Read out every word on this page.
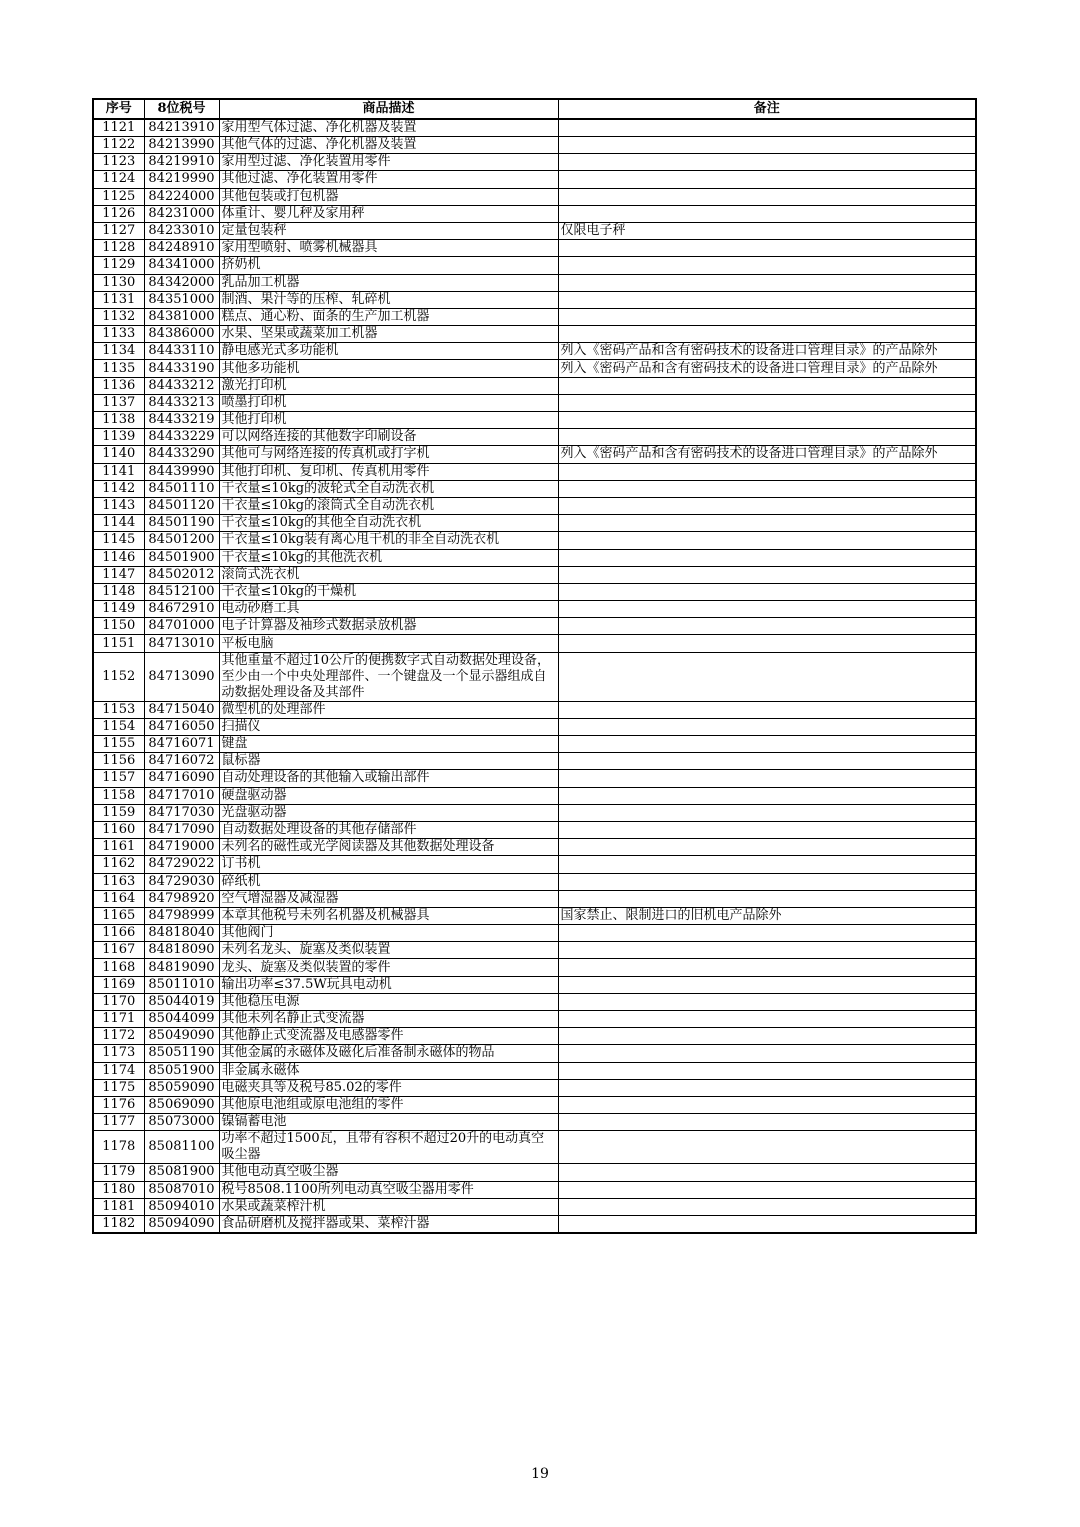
序号	8位税号	商品描述	备注
1121	84213910	家用型气体过滤、净化机器及装置	
1122	84213990	其他气体的过滤、净化机器及装置	
1123	84219910	家用型过滤、净化装置用零件	
1124	84219990	其他过滤、净化装置用零件	
1125	84224000	其他包装或打包机器	
1126	84231000	体重计、婴儿秤及家用秤	
1127	84233010	定量包装秤	仅限电子秤
1128	84248910	家用型喷射、喷雾机械器具	
1129	84341000	挤奶机	
1130	84342000	乳品加工机器	
1131	84351000	制酒、果汁等的压榨、轧碎机	
1132	84381000	糕点、通心粉、面条的生产加工机器	
1133	84386000	水果、坚果或蔬菜加工机器	
1134	84433110	静电感光式多功能机	列入《密码产品和含有密码技术的设备进口管理目录》的产品除外
1135	84433190	其他多功能机	列入《密码产品和含有密码技术的设备进口管理目录》的产品除外
1136	84433212	激光打印机	
1137	84433213	喷墨打印机	
1138	84433219	其他打印机	
1139	84433229	可以网络连接的其他数字印刷设备	
1140	84433290	其他可与网络连接的传真机或打字机	列入《密码产品和含有密码技术的设备进口管理目录》的产品除外
1141	84439990	其他打印机、复印机、传真机用零件	
1142	84501110	干衣量≤10kg的波轮式全自动洗衣机	
1143	84501120	干衣量≤10kg的滚筒式全自动洗衣机	
1144	84501190	干衣量≤10kg的其他全自动洗衣机	
1145	84501200	干衣量≤10kg装有离心甩干机的非全自动洗衣机	
1146	84501900	干衣量≤10kg的其他洗衣机	
1147	84502012	滚筒式洗衣机	
1148	84512100	干衣量≤10kg的干燥机	
1149	84672910	电动砂磨工具	
1150	84701000	电子计算器及袖珍式数据录放机器	
1151	84713010	平板电脑	
1152	84713090	其他重量不超过10公斤的便携数字式自动数据处理设备，至少由一个中央处理部件、一个键盘及一个显示器组成自动数据处理设备及其部件	
1153	84715040	微型机的处理部件	
1154	84716050	扫描仪	
1155	84716071	键盘	
1156	84716072	鼠标器	
1157	84716090	自动处理设备的其他输入或输出部件	
1158	84717010	硬盘驱动器	
1159	84717030	光盘驱动器	
1160	84717090	自动数据处理设备的其他存储部件	
1161	84719000	未列名的磁性或光学阅读器及其他数据处理设备	
1162	84729022	订书机	
1163	84729030	碎纸机	
1164	84798920	空气增湿器及减湿器	
1165	84798999	本章其他税号未列名机器及机械器具	国家禁止、限制进口的旧机电产品除外
1166	84818040	其他阀门	
1167	84818090	未列名龙头、旋塞及类似装置	
1168	84819090	龙头、旋塞及类似装置的零件	
1169	85011010	输出功率≤37.5W玩具电动机	
1170	85044019	其他稳压电源	
1171	85044099	其他未列名静止式变流器	
1172	85049090	其他静止式变流器及电感器零件	
1173	85051190	其他金属的永磁体及磁化后准备制永磁体的物品	
1174	85051900	非金属永磁体	
1175	85059090	电磁夹具等及税号85.02的零件	
1176	85069090	其他原电池组或原电池组的零件	
1177	85073000	镍镉蓄电池	
1178	85081100	功率不超过1500瓦，且带有容积不超过20升的电动真空吸尘器	
1179	85081900	其他电动真空吸尘器	
1180	85087010	税号8508.1100所列电动真空吸尘器用零件	
1181	85094010	水果或蔬菜榨汁机	
1182	85094090	食品研磨机及搅拌器或果、菜榨汁器	
19
